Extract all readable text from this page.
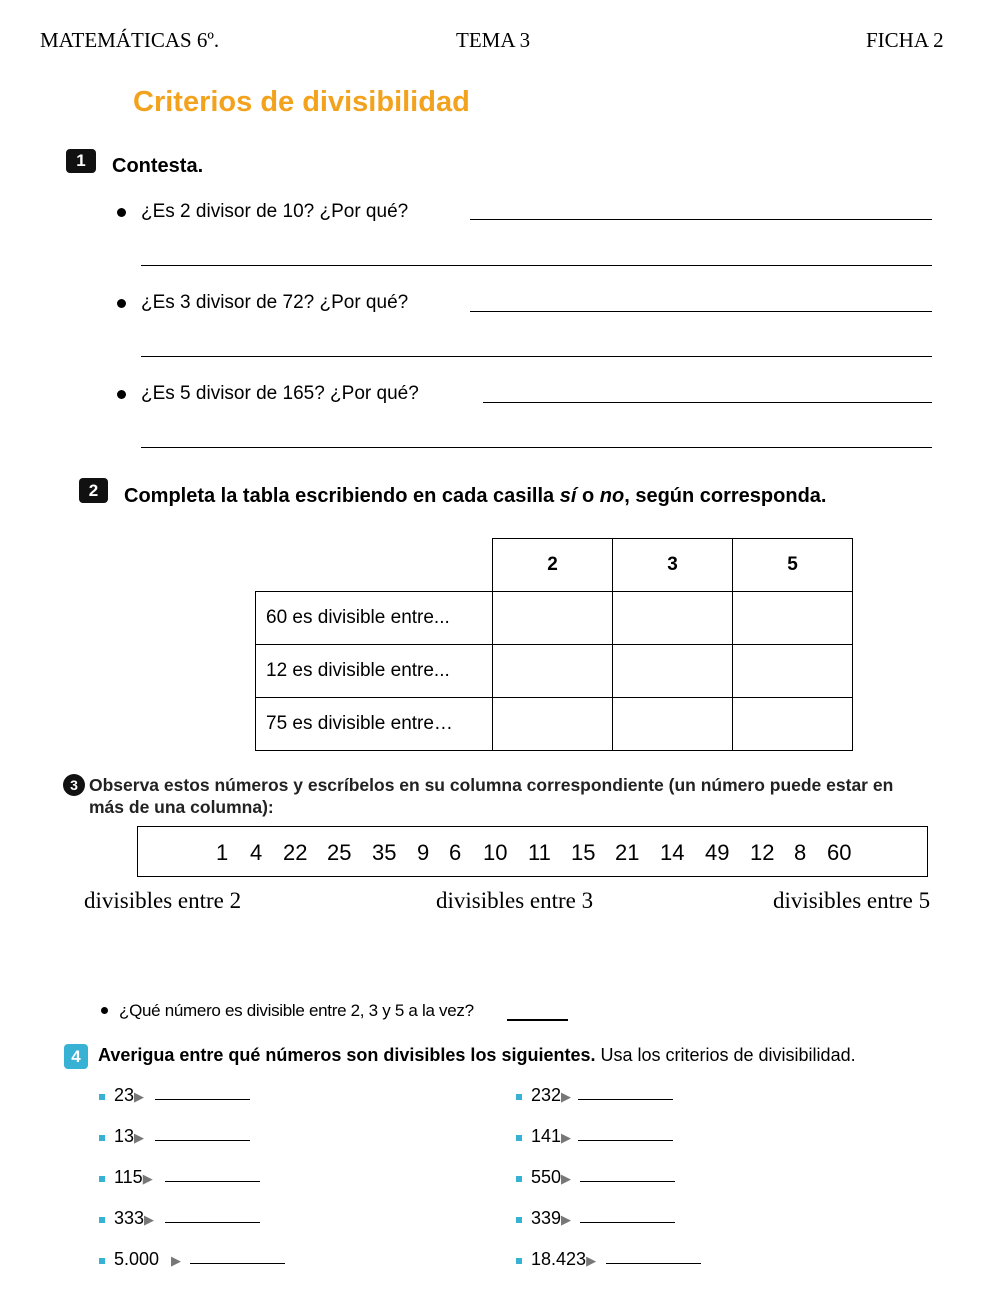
MATEMÁTICAS 6º.	TEMA 3	FICHA 2
Criterios de divisibilidad
1	Contesta.
¿Es 2 divisor de 10? ¿Por qué?
¿Es 3 divisor de 72? ¿Por qué?
¿Es 5 divisor de 165? ¿Por qué?
2	Completa la tabla escribiendo en cada casilla sí o no, según corresponda.
	2	3	5
60 es divisible entre...			
12 es divisible entre...			
75 es divisible entre…			
3 Observa estos números y escríbelos en su columna correspondiente (un número puede estar en
más de una columna):
1 4 22 25 35 9 6 10 11 15 21 14 49 12 8 60
divisibles entre 2	divisibles entre 3	divisibles entre 5
¿Qué número es divisible entre 2, 3 y 5 a la vez?
4 Averigua entre qué números son divisibles los siguientes. Usa los criterios de divisibilidad.
23▶
13▶
115▶
333▶
5.000 ▶
232▶
141▶
550▶
339▶
18.423▶
